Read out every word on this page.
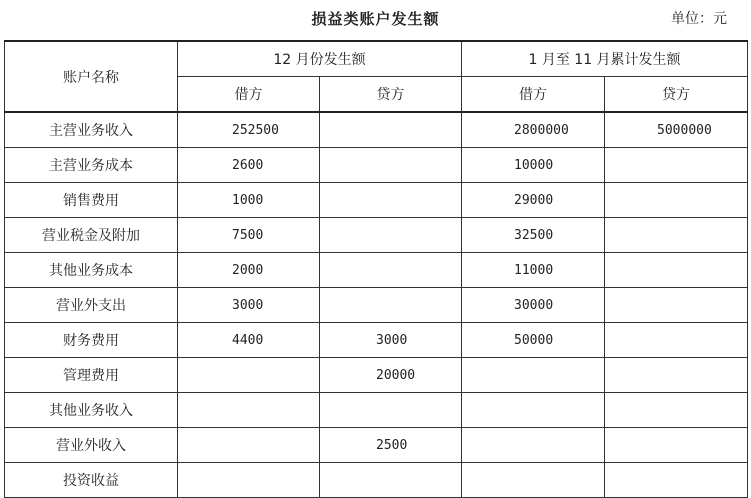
损益类账户发生额	单位：元
账户名称	12 月份发生额		1 月至 11 月累计发生额	
	借方	贷方	借方	贷方
主营业务收入	252500		2800000	5000000
主营业务成本	2600		10000	
销售费用	1000		29000	
营业税金及附加	7500		32500	
其他业务成本	2000		11000	
营业外支出	3000		30000	
财务费用	4400	3000	50000	
管理费用		20000		
其他业务收入				
营业外收入		2500		
投资收益				
